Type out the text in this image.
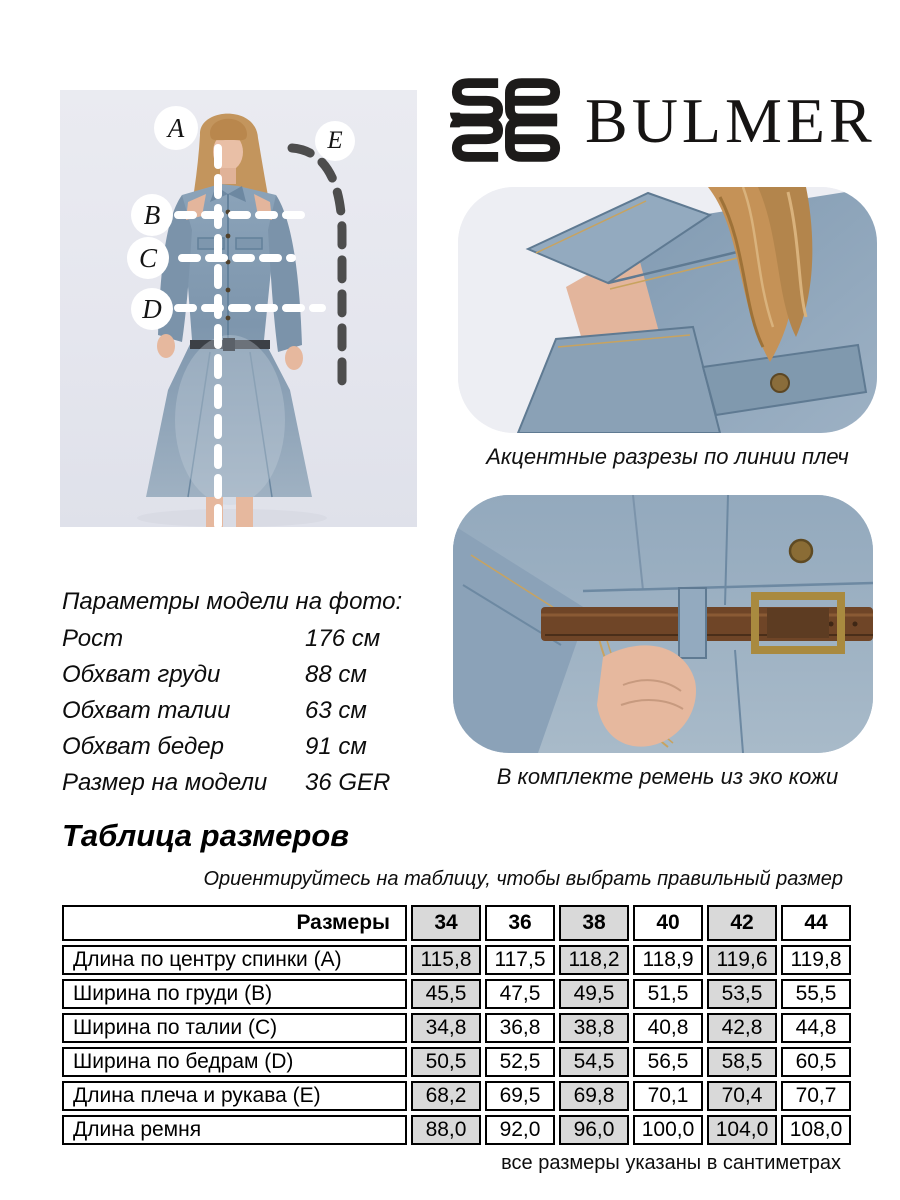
A
B
C
D
E	BULMER
Акцентные разрезы по линии плеч
В комплекте ремень из эко кожи
Параметры модели на фото:
Рост	176 см
Обхват груди	88 см
Обхват талии	63 см
Обхват бедер	91 см
Размер на модели	36 GER
Таблица размеров
Ориентируйтесь на таблицу, чтобы выбрать правильный размер
Размеры	34	36	38	40	42	44
Длина по центру спинки (A)	115,8	117,5	118,2	118,9	119,6	119,8
Ширина по груди (B)	45,5	47,5	49,5	51,5	53,5	55,5
Ширина по талии (C)	34,8	36,8	38,8	40,8	42,8	44,8
Ширина по бедрам (D)	50,5	52,5	54,5	56,5	58,5	60,5
Длина плеча и рукава (E)	68,2	69,5	69,8	70,1	70,4	70,7
Длина ремня	88,0	92,0	96,0	100,0	104,0	108,0
все размеры указаны в сантиметрах
